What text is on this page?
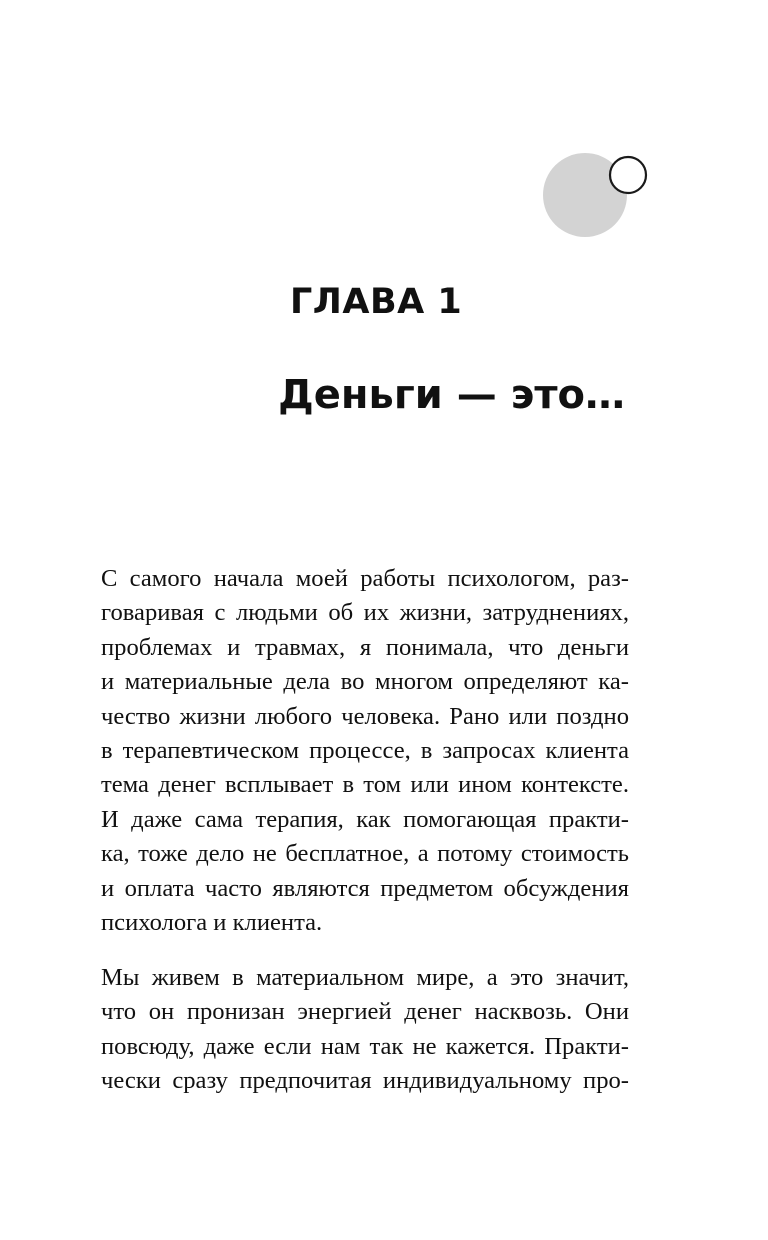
ГЛАВА 1
Деньги — это…
С самого начала моей работы психологом, раз-
говаривая с людьми об их жизни, затруднениях,
проблемах и травмах, я понимала, что деньги
и материальные дела во многом определяют ка-
чество жизни любого человека. Рано или поздно
в терапевтическом процессе, в запросах клиента
тема денег всплывает в том или ином контексте.
И даже сама терапия, как помогающая практи-
ка, тоже дело не бесплатное, а потому стоимость
и оплата часто являются предметом обсуждения
психолога и клиента.
Мы живем в материальном мире, а это значит,
что он пронизан энергией денег насквозь. Они
повсюду, даже если нам так не кажется. Практи-
чески сразу предпочитая индивидуальному про-
